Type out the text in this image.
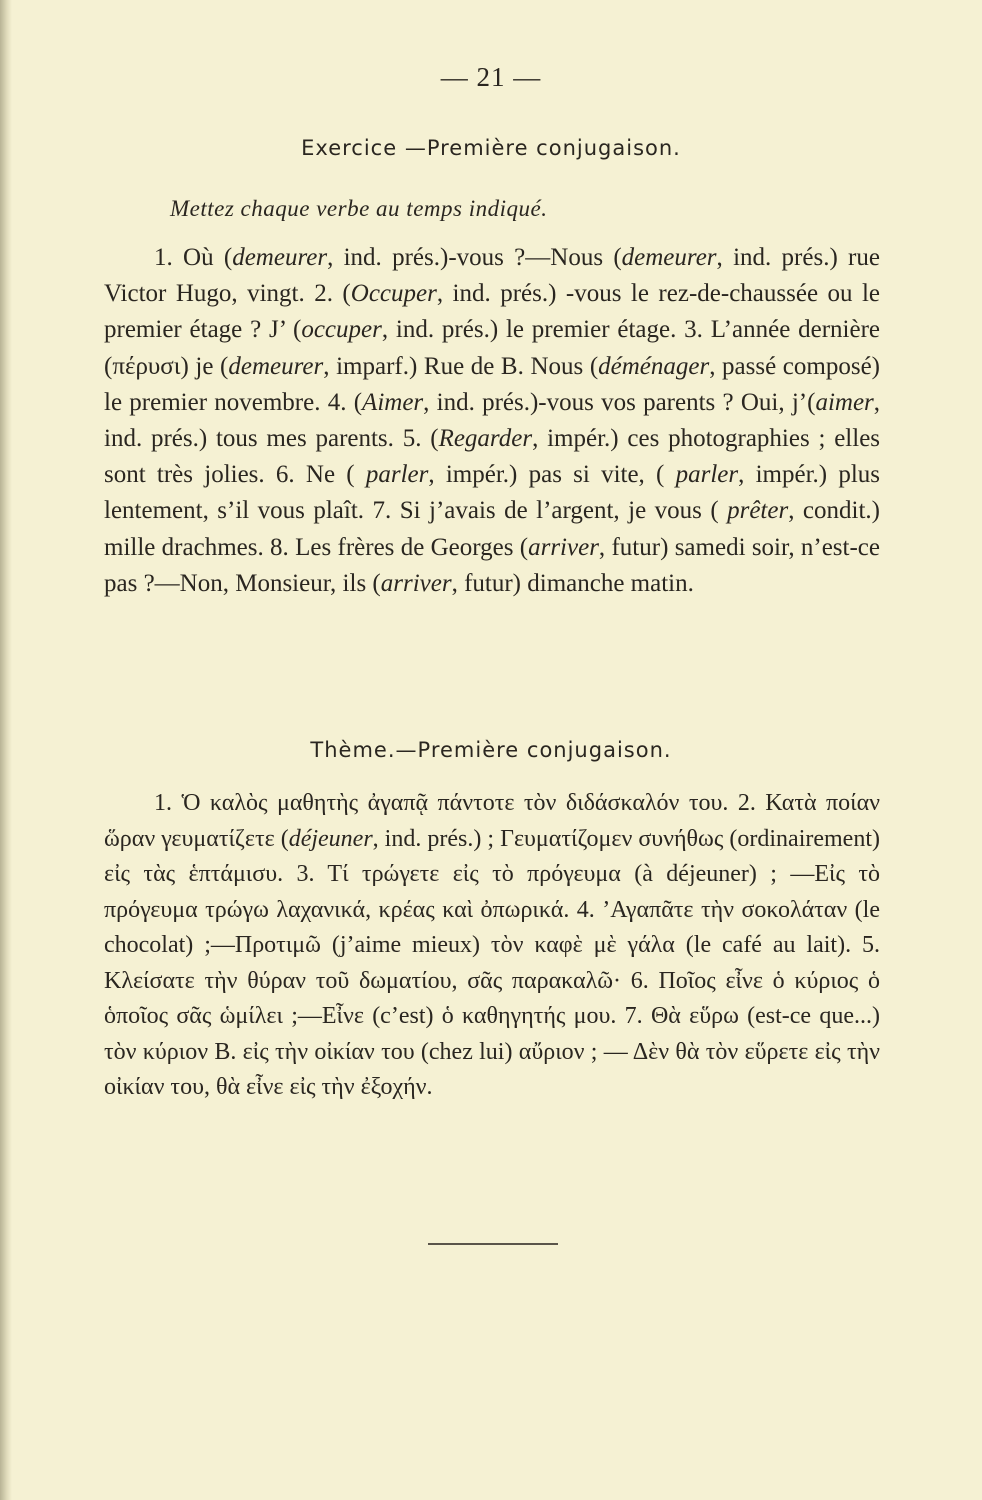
— 21 —
Exercice —Première conjugaison.
Mettez chaque verbe au temps indiqué.

1. Où (demeurer, ind. prés.)-vous ?—Nous (demeurer, ind. prés.) rue Victor Hugo, vingt. 2. (Occuper, ind. prés.) -vous le rez-de-chaussée ou le premier étage ? J’ (occuper, ind. prés.) le premier étage. 3. L’année dernière (πέρυσι) je (demeurer, imparf.) Rue de B. Nous (déménager, passé composé) le premier novembre. 4. (Aimer, ind. prés.)-vous vos parents ? Oui, j’(aimer, ind. prés.) tous mes parents. 5. (Regarder, impér.) ces photographies ; elles sont très jolies. 6. Ne ( parler, impér.) pas si vite, ( parler, impér.) plus lentement, s’il vous plaît. 7. Si j’avais de l’argent, je vous ( prêter, condit.) mille drachmes. 8. Les frères de Georges (arriver, futur) samedi soir, n’est-ce pas ?—Non, Monsieur, ils (arriver, futur) dimanche matin.

Thème.—Première conjugaison.

1. Ὁ καλὸς μαθητὴς ἀγαπᾷ πάντοτε τὸν διδάσκαλόν του. 2. Κατὰ ποίαν ὥραν γευματίζετε (déjeuner, ind. prés.) ; Γευματίζομεν συνήθως (ordinairement) εἰς τὰς ἑπτάμισυ. 3. Τί τρώγετε εἰς τὸ πρόγευμα (à déjeuner) ; —Εἰς τὸ πρόγευμα τρώγω λαχανικά, κρέας καὶ ὀπωρικά. 4. ’Αγαπᾶτε τὴν σοκολάταν (le chocolat) ;—Προτιμῶ (j’aime mieux) τὸν καφὲ μὲ γάλα (le café au lait). 5. Κλείσατε τὴν θύραν τοῦ δωματίου, σᾶς παρακαλῶ· 6. Ποῖος εἶνε ὁ κύριος ὁ ὁποῖος σᾶς ὡμίλει ;—Εἶνε (c’est) ὁ καθηγητής μου. 7. Θὰ εὕρω (est-ce que...) τὸν κύριον Β. εἰς τὴν οἰκίαν του (chez lui) αὔριον ; — Δὲν θὰ τὸν εὕρετε εἰς τὴν οἰκίαν του, θὰ εἶνε εἰς τὴν ἐξοχήν.
